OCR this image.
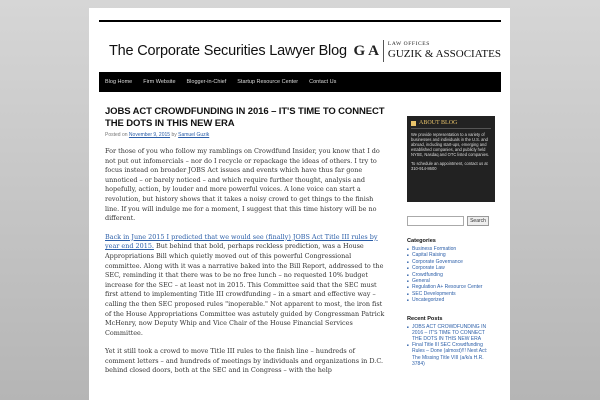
The Corporate Securities Lawyer Blog G A	LAW OFFICES
GUZIK & ASSOCIATES
Blog Home Firm Website Blogger-in-Chief Startup Resource Center Contact Us
JOBS ACT CROWDFUNDING IN 2016 – IT'S TIME TO CONNECT THE DOTS IN THIS NEW ERA
Posted on November 9, 2015 by Samuel Guzik

For those of you who follow my ramblings on Crowdfund Insider, you know that I do not put out infomercials – nor do I recycle or repackage the ideas of others. I try to focus instead on broader JOBS Act issues and events which have thus far gone unnoticed – or barely noticed – and which require further thought, analysis and hopefully, action, by louder and more powerful voices. A lone voice can start a revolution, but history shows that it takes a noisy crowd to get things to the finish line. If you will indulge me for a moment, I suggest that this time history will be no different.

Back in June 2015 I predicted that we would see (finally) JOBS Act Title III rules by year end 2015. But behind that bold, perhaps reckless prediction, was a House Appropriations Bill which quietly moved out of this powerful Congressional committee. Along with it was a narrative baked into the Bill Report, addressed to the SEC, reminding it that there was to be no free lunch – no requested 10% budget increase for the SEC – at least not in 2015. This Committee said that the SEC must first attend to implementing Title III crowdfunding – in a smart and effective way – calling the then SEC proposed rules "inoperable." Not apparent to most, the iron fist of the House Appropriations Committee was astutely guided by Congressman Patrick McHenry, now Deputy Whip and Vice Chair of the House Financial Services Committee.

Yet it still took a crowd to move Title III rules to the finish line – hundreds of comment letters – and hundreds of meetings by individuals and organizations in D.C. behind closed doors, both at the SEC and in Congress – with the help

ABOUT BLOG

We provide representation to a variety of businesses and individuals in the U.S. and abroad, including start-ups, emerging and established companies, and publicly held NYSE, Nasdaq and OTC listed companies.

To schedule an appointment, contact us at 310-914-8600

Search
Categories
■ Business Formation
■ Capital Raising
■ Corporate Governance
■ Corporate Law
■ Crowdfunding
■ General
■ Regulation A+ Resource Center
■ SEC Developments
■ Uncategorized
Recent Posts
■ JOBS ACT CROWDFUNDING IN 2016 – IT'S TIME TO CONNECT THE DOTS IN THIS NEW ERA
■ Final Title III SEC Crowdfunding Rules – Done (almost)!!! Next Act: The Missing Title VIII (a/k/a H.R. 3784)
